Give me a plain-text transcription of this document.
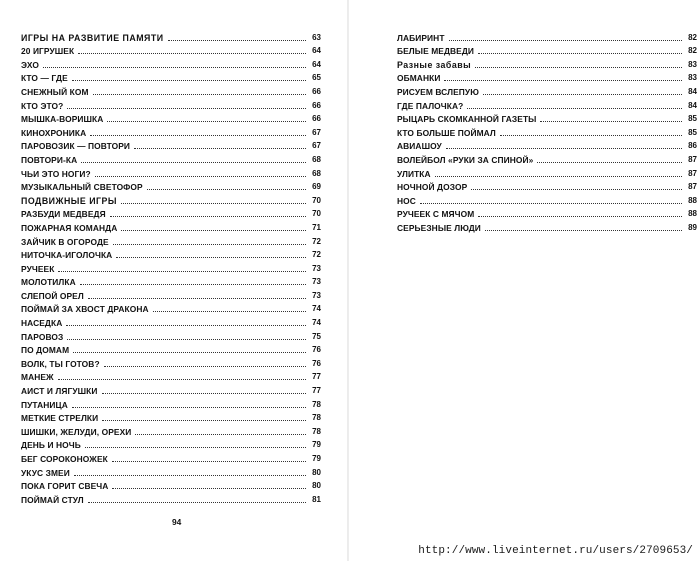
ИГРЫ НА РАЗВИТИЕ ПАМЯТИ	63
20 ИГРУШЕК	64
ЭХО	64
КТО — ГДЕ	65
СНЕЖНЫЙ КОМ	66
КТО ЭТО?	66
МЫШКА-ВОРИШКА	66
КИНОХРОНИКА	67
ПАРОВОЗИК — ПОВТОРИ	67
ПОВТОРИ-КА	68
ЧЬИ ЭТО НОГИ?	68
МУЗЫКАЛЬНЫЙ СВЕТОФОР	69
ПОДВИЖНЫЕ ИГРЫ	70
РАЗБУДИ МЕДВЕДЯ	70
ПОЖАРНАЯ КОМАНДА	71
ЗАЙЧИК В ОГОРОДЕ	72
НИТОЧКА-ИГОЛОЧКА	72
РУЧЕЕК	73
МОЛОТИЛКА	73
СЛЕПОЙ ОРЕЛ	73
ПОЙМАЙ ЗА ХВОСТ ДРАКОНА	74
НАСЕДКА	74
ПАРОВОЗ	75
ПО ДОМАМ	76
ВОЛК, ТЫ ГОТОВ?	76
МАНЕЖ	77
АИСТ И ЛЯГУШКИ	77
ПУТАНИЦА	78
МЕТКИЕ СТРЕЛКИ	78
ШИШКИ, ЖЕЛУДИ, ОРЕХИ	78
ДЕНЬ И НОЧЬ	79
БЕГ СОРОКОНОЖЕК	79
УКУС ЗМЕИ	80
ПОКА ГОРИТ СВЕЧА	80
ПОЙМАЙ СТУЛ	81
94
ЛАБИРИНТ	82
БЕЛЫЕ МЕДВЕДИ	82
Разные забавы	83
ОБМАНКИ	83
РИСУЕМ ВСЛЕПУЮ	84
ГДЕ ПАЛОЧКА?	84
РЫЦАРЬ СКОМКАННОЙ ГАЗЕТЫ	85
КТО БОЛЬШЕ ПОЙМАЛ	85
АВИАШОУ	86
ВОЛЕЙБОЛ «РУКИ ЗА СПИНОЙ»	87
УЛИТКА	87
НОЧНОЙ ДОЗОР	87
НОС	88
РУЧЕЕК С МЯЧОМ	88
СЕРЬЕЗНЫЕ ЛЮДИ	89
http://www.liveinternet.ru/users/2709653/
